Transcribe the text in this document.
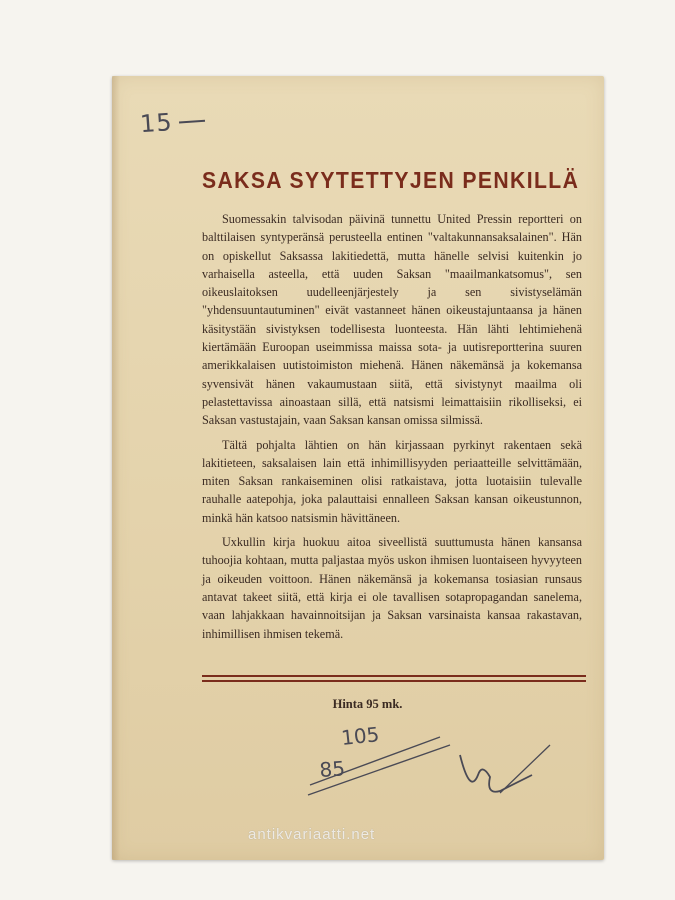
15
SAKSA SYYTETTYJEN PENKILLÄ

Suomessakin talvisodan päivinä tunnettu United Pressin reportteri on balttilaisen syntyperänsä perusteella entinen "valtakunnansaksalainen". Hän on opiskellut Saksassa lakitiedettä, mutta hänelle selvisi kuitenkin jo varhaisella asteella, että uuden Saksan "maailmankatsomus", sen oikeuslaitoksen uudelleenjärjestely ja sen sivistyselämän "yhdensuuntautuminen" eivät vastanneet hänen oikeustajuntaansa ja hänen käsitystään sivistyksen todellisesta luonteesta. Hän lähti lehtimiehenä kiertämään Euroopan useimmissa maissa sota- ja uutisreportterina suuren amerikkalaisen uutistoimiston miehenä. Hänen näkemänsä ja kokemansa syvensivät hänen vakaumustaan siitä, että sivistynyt maailma oli pelastettavissa ainoastaan sillä, että natsismi leimattaisiin rikolliseksi, ei Saksan vastustajain, vaan Saksan kansan omissa silmissä.

Tältä pohjalta lähtien on hän kirjassaan pyrkinyt rakentaen sekä lakitieteen, saksalaisen lain että inhimillisyyden periaatteille selvittämään, miten Saksan rankaiseminen olisi ratkaistava, jotta luotaisiin tulevalle rauhalle aatepohja, joka palauttaisi ennalleen Saksan kansan oikeustunnon, minkä hän katsoo natsismin hävittäneen.

Uxkullin kirja huokuu aitoa siveellistä suuttumusta hänen kansansa tuhoojia kohtaan, mutta paljastaa myös uskon ihmisen luontaiseen hyvyyteen ja oikeuden voittoon. Hänen näkemänsä ja kokemansa tosiasian runsaus antavat takeet siitä, että kirja ei ole tavallisen sotapropagandan sanelema, vaan lahjakkaan havainnoitsijan ja Saksan varsinaista kansaa rakastavan, inhimillisen ihmisen tekemä.

Hinta 95 mk.
105
85
antikvariaatti.net
